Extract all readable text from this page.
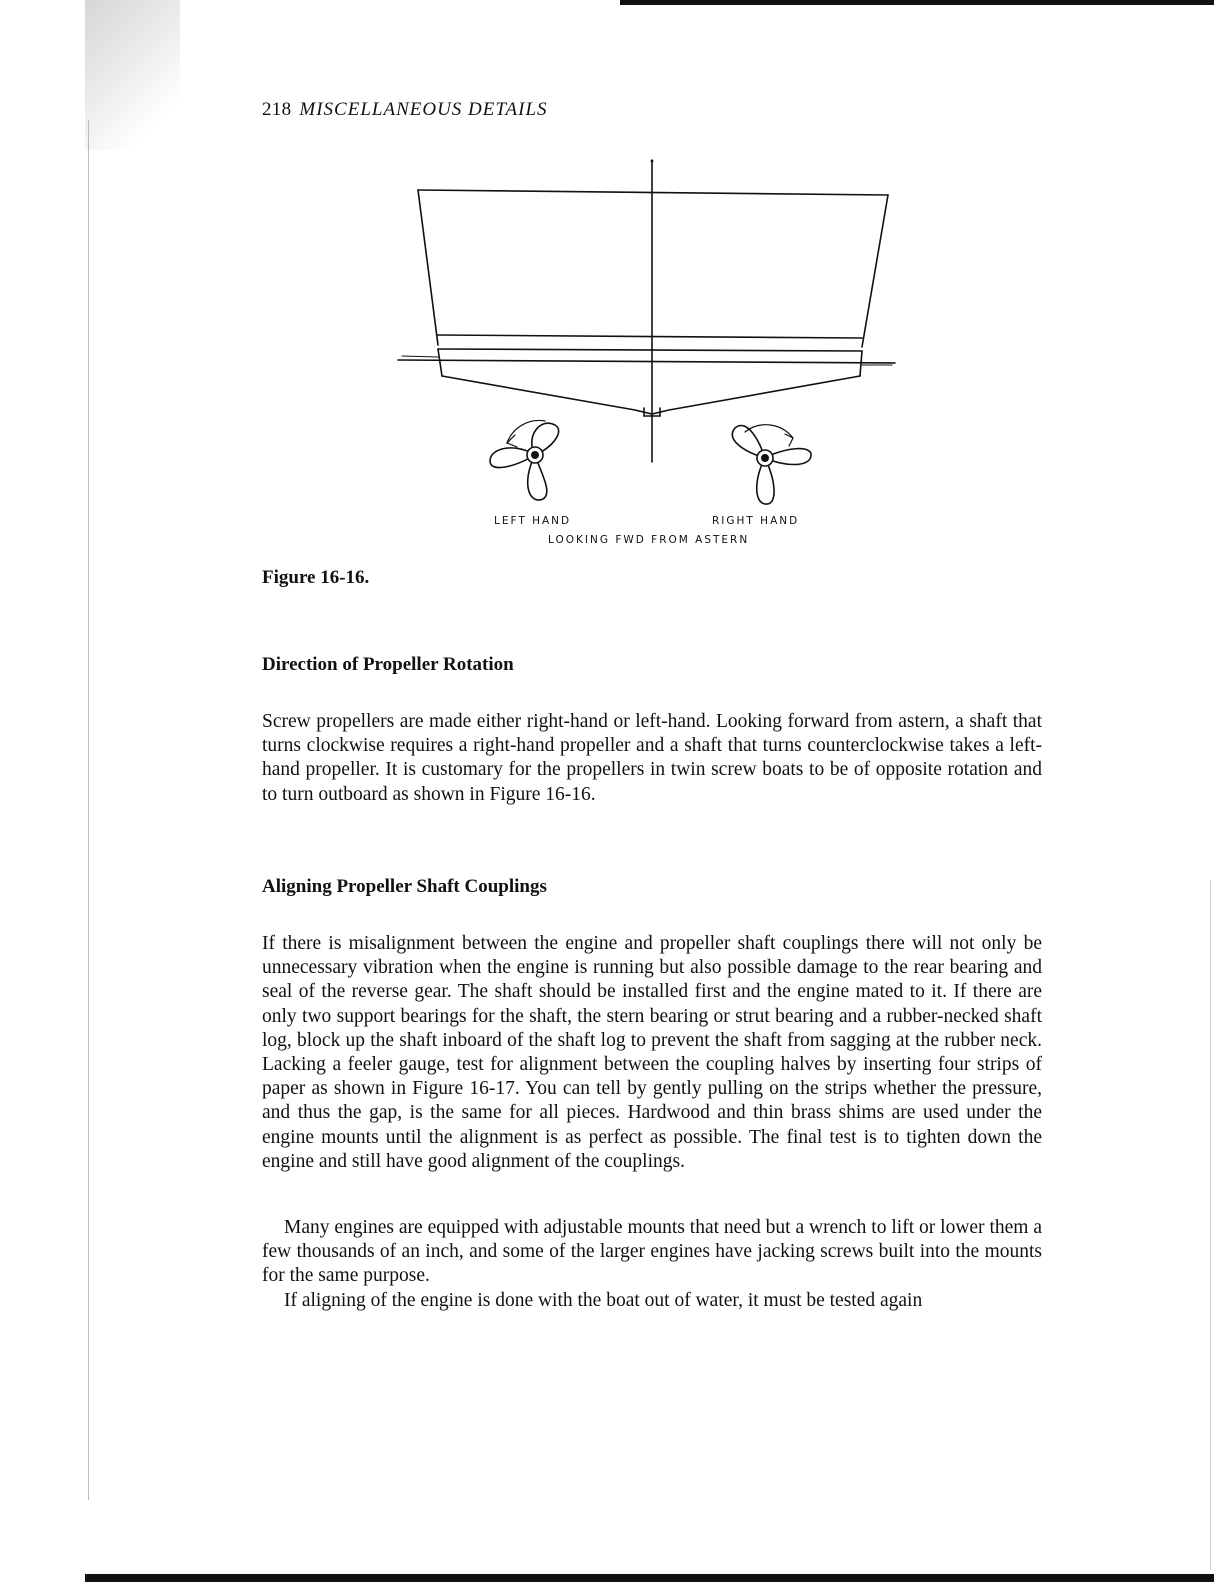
218 MISCELLANEOUS DETAILS
LEFT HAND	RIGHT HAND
LOOKING FWD FROM ASTERN
Figure 16-16.
Direction of Propeller Rotation

Screw propellers are made either right-hand or left-hand. Looking forward from astern, a shaft that turns clockwise requires a right-hand propeller and a shaft that turns counterclockwise takes a left-hand propeller. It is customary for the propellers in twin screw boats to be of opposite rotation and to turn outboard as shown in Figure 16-16.

Aligning Propeller Shaft Couplings

If there is misalignment between the engine and propeller shaft couplings there will not only be unnecessary vibration when the engine is running but also possible damage to the rear bearing and seal of the reverse gear. The shaft should be installed first and the engine mated to it. If there are only two support bearings for the shaft, the stern bearing or strut bearing and a rubber-necked shaft log, block up the shaft inboard of the shaft log to prevent the shaft from sagging at the rubber neck. Lacking a feeler gauge, test for alignment between the coupling halves by inserting four strips of paper as shown in Figure 16-17. You can tell by gently pulling on the strips whether the pressure, and thus the gap, is the same for all pieces. Hardwood and thin brass shims are used under the engine mounts until the alignment is as perfect as possible. The final test is to tighten down the engine and still have good alignment of the couplings.

Many engines are equipped with adjustable mounts that need but a wrench to lift or lower them a few thousands of an inch, and some of the larger engines have jacking screws built into the mounts for the same purpose.

If aligning of the engine is done with the boat out of water, it must be tested again
